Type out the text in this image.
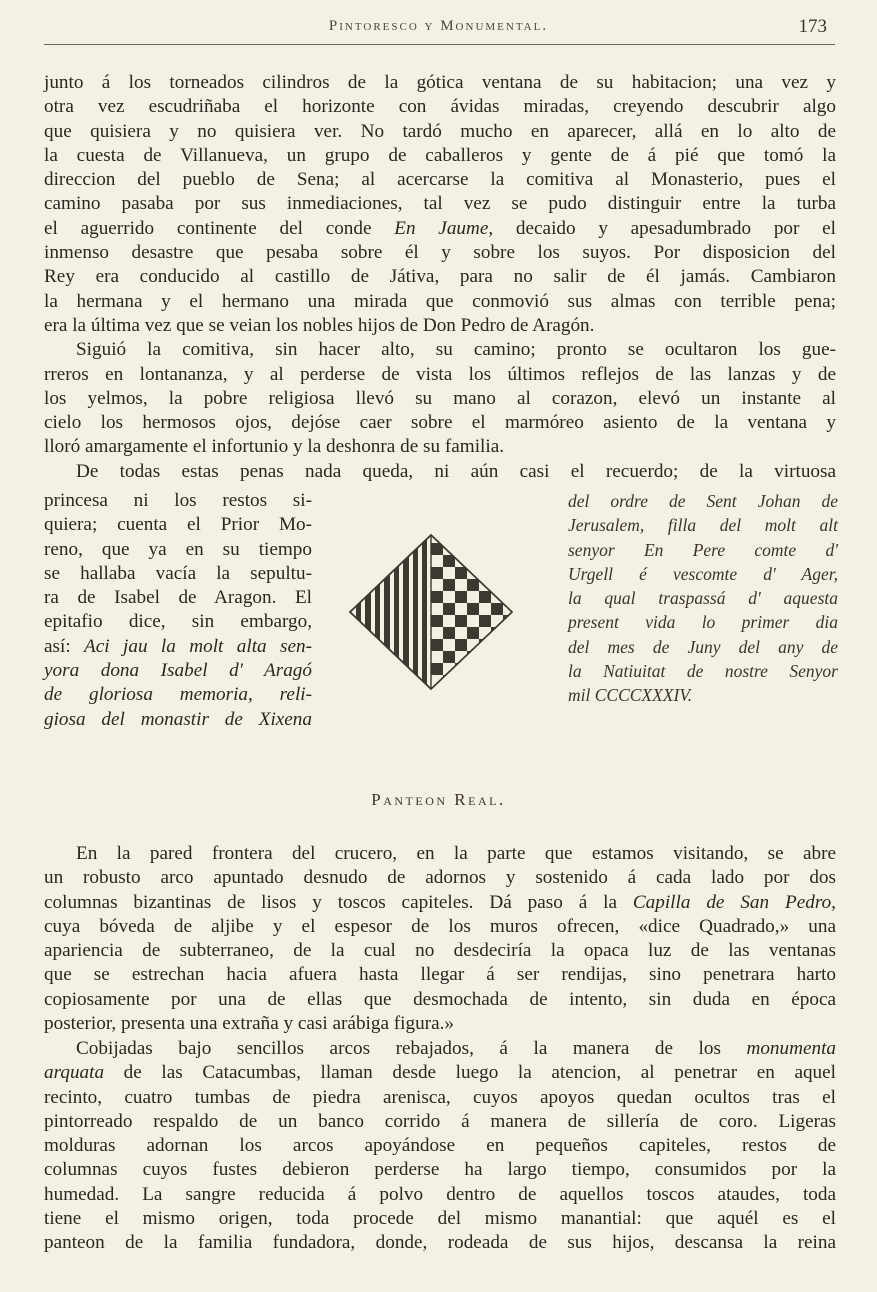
Pintoresco y Monumental.	173

junto á los torneados cilindros de la gótica ventana de su habitacion; una vez y
otra vez escudriñaba el horizonte con ávidas miradas, creyendo descubrir algo
que quisiera y no quisiera ver. No tardó mucho en aparecer, allá en lo alto de
la cuesta de Villanueva, un grupo de caballeros y gente de á pié que tomó la
direccion del pueblo de Sena; al acercarse la comitiva al Monasterio, pues el
camino pasaba por sus inmediaciones, tal vez se pudo distinguir entre la turba
el aguerrido continente del conde En Jaume, decaido y apesadumbrado por el
inmenso desastre que pesaba sobre él y sobre los suyos. Por disposicion del
Rey era conducido al castillo de Játiva, para no salir de él jamás. Cambiaron
la hermana y el hermano una mirada que conmovió sus almas con terrible pena;
era la última vez que se veian los nobles hijos de Don Pedro de Aragón.

Siguió la comitiva, sin hacer alto, su camino; pronto se ocultaron los gue-
rreros en lontananza, y al perderse de vista los últimos reflejos de las lanzas y de
los yelmos, la pobre religiosa llevó su mano al corazon, elevó un instante al
cielo los hermosos ojos, dejóse caer sobre el marmóreo asiento de la ventana y
lloró amargamente el infortunio y la deshonra de su familia.

De todas estas penas nada queda, ni aún casi el recuerdo; de la virtuosa

princesa ni los restos si-
quiera; cuenta el Prior Mo-
reno, que ya en su tiempo
se hallaba vacía la sepultu-
ra de Isabel de Aragon. El
epitafio dice, sin embargo,
así: Aci jau la molt alta sen-
yora dona Isabel d' Aragó
de gloriosa memoria, reli-
giosa del monastir de Xixena
del ordre de Sent Johan de
Jerusalem, filla del molt alt
senyor En Pere comte d'
Urgell é vescomte d' Ager,
la qual traspassá d' aquesta
present vida lo primer dia
del mes de Juny del any de
la Natiuitat de nostre Senyor
mil CCCCXXXIV.
Panteon Real.
En la pared frontera del crucero, en la parte que estamos visitando, se abre
un robusto arco apuntado desnudo de adornos y sostenido á cada lado por dos
columnas bizantinas de lisos y toscos capiteles. Dá paso á la Capilla de San Pedro,
cuya bóveda de aljibe y el espesor de los muros ofrecen, «dice Quadrado,» una
apariencia de subterraneo, de la cual no desdeciría la opaca luz de las ventanas
que se estrechan hacia afuera hasta llegar á ser rendijas, sino penetrara harto
copiosamente por una de ellas que desmochada de intento, sin duda en época
posterior, presenta una extraña y casi arábiga figura.»
Cobijadas bajo sencillos arcos rebajados, á la manera de los monumenta
arquata de las Catacumbas, llaman desde luego la atencion, al penetrar en aquel
recinto, cuatro tumbas de piedra arenisca, cuyos apoyos quedan ocultos tras el
pintorreado respaldo de un banco corrido á manera de sillería de coro. Ligeras
molduras adornan los arcos apoyándose en pequeños capiteles, restos de
columnas cuyos fustes debieron perderse ha largo tiempo, consumidos por la
humedad. La sangre reducida á polvo dentro de aquellos toscos ataudes, toda
tiene el mismo origen, toda procede del mismo manantial: que aquél es el
panteon de la familia fundadora, donde, rodeada de sus hijos, descansa la reina
